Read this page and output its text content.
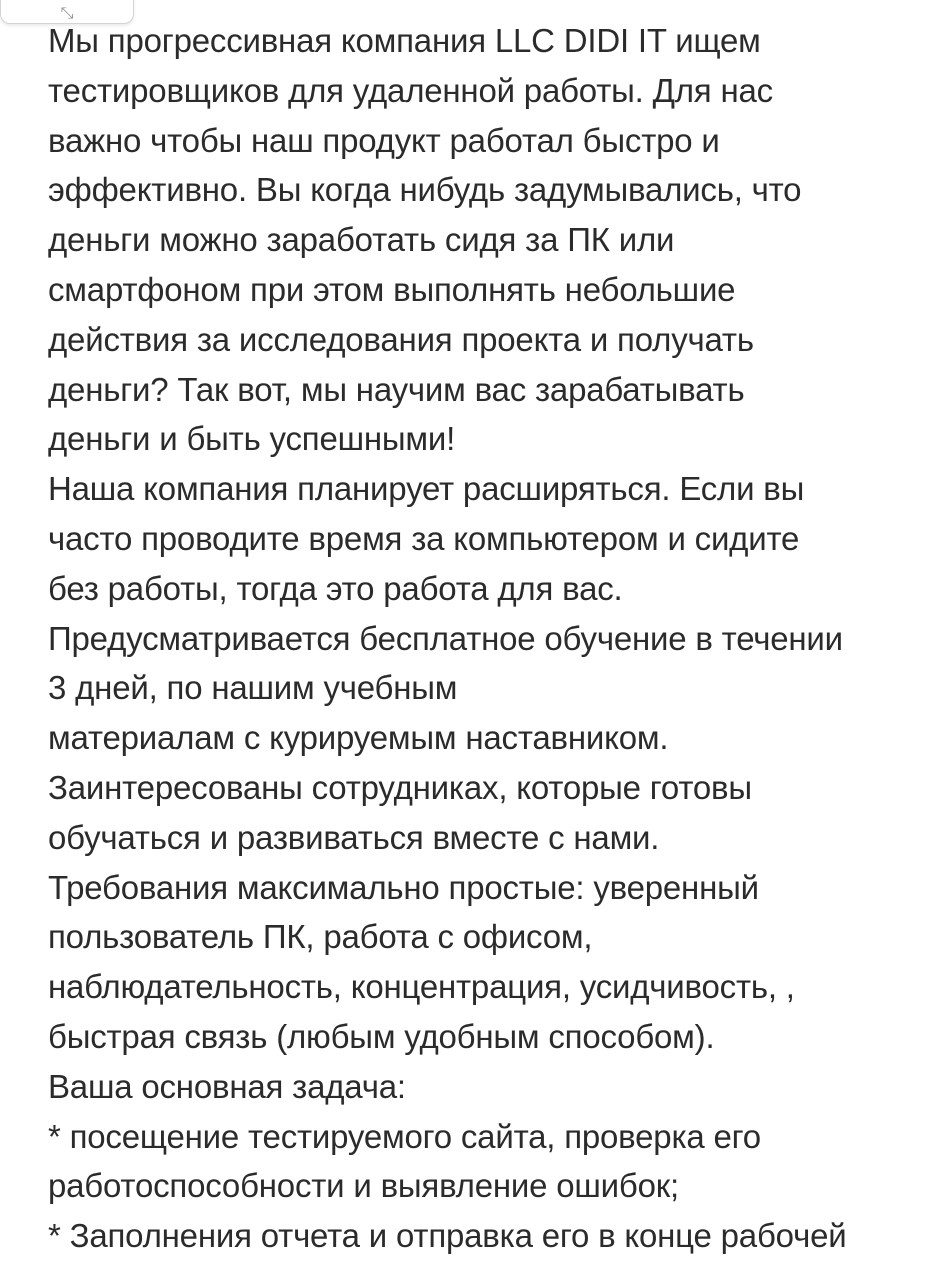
⤡
Мы прогрессивная компания LLC DIDI IT ищем
тестировщиков для удаленной работы. Для нас
важно чтобы наш продукт работал быстро и
эффективно. Вы когда нибудь задумывались, что
деньги можно заработать сидя за ПК или
смартфоном при этом выполнять небольшие
действия за исследования проекта и получать
деньги? Так вот, мы научим вас зарабатывать
деньги и быть успешными!
Наша компания планирует расширяться. Если вы
часто проводите время за компьютером и сидите
без работы, тогда это работа для вас.
Предусматривается бесплатное обучение в течении
3 дней, по нашим учебным
материалам с курируемым наставником.
Заинтересованы сотрудниках, которые готовы
обучаться и развиваться вместе с нами.
Требования максимально простые: уверенный
пользователь ПК, работа с офисом,
наблюдательность, концентрация, усидчивость, ,
быстрая связь (любым удобным способом).
Ваша основная задача:
* посещение тестируемого сайта, проверка его
работоспособности и выявление ошибок;
* Заполнения отчета и отправка его в конце рабочей
